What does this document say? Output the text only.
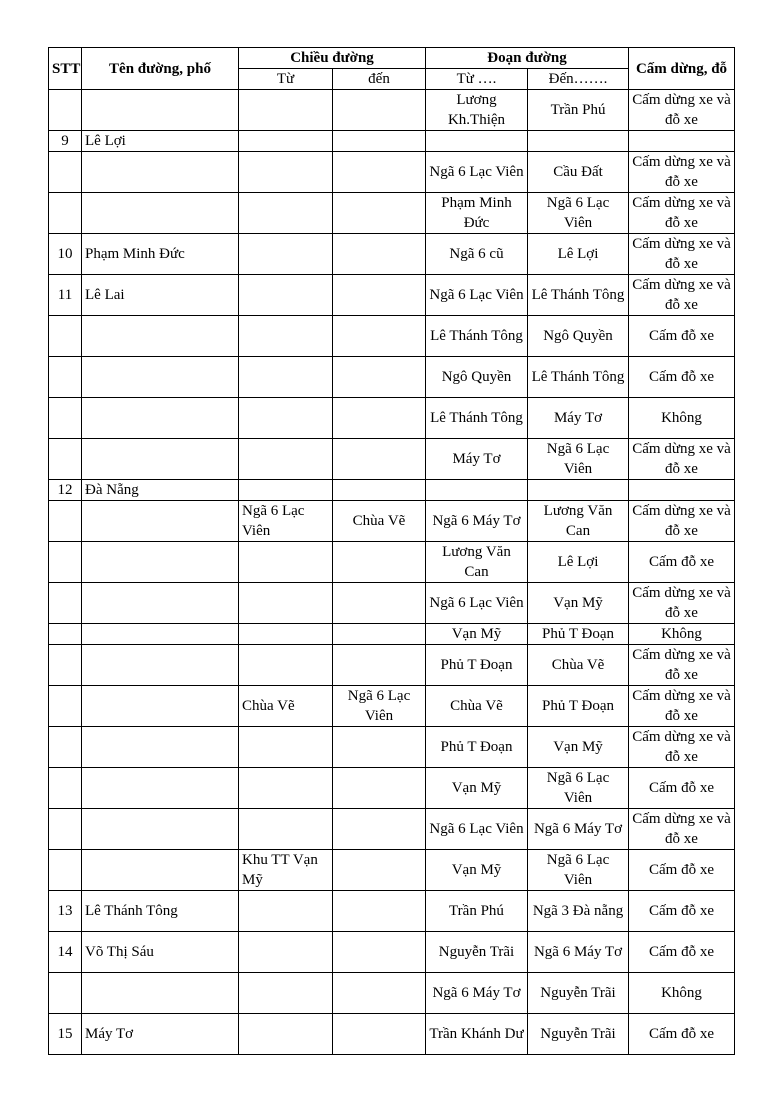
STT	Tên đường, phố	Chiều đường		Đoạn đường		Cấm dừng, đỗ
		Từ	đến	Từ ….	Đến…….	
				Lương Kh.Thiện	Trần Phú	Cấm dừng xe và đỗ xe
9	Lê Lợi					
				Ngã 6 Lạc Viên	Cầu Đất	Cấm dừng xe và đỗ xe
				Phạm Minh Đức	Ngã 6 Lạc Viên	Cấm dừng xe và đỗ xe
10	Phạm Minh Đức			Ngã 6 cũ	Lê Lợi	Cấm dừng xe và đỗ xe
11	Lê Lai			Ngã 6 Lạc Viên	Lê Thánh Tông	Cấm dừng xe và đỗ xe
				Lê Thánh Tông	Ngô Quyền	Cấm đỗ xe
				Ngô Quyền	Lê Thánh Tông	Cấm đỗ xe
				Lê Thánh Tông	Máy Tơ	Không
				Máy Tơ	Ngã 6 Lạc Viên	Cấm dừng xe và đỗ xe
12	Đà Nẵng					
		Ngã 6 Lạc Viên	Chùa Vẽ	Ngã 6 Máy Tơ	Lương Văn Can	Cấm dừng xe và đỗ xe
				Lương Văn Can	Lê Lợi	Cấm đỗ xe
				Ngã 6 Lạc Viên	Vạn Mỹ	Cấm dừng xe và đỗ xe
				Vạn Mỹ	Phủ T Đoạn	Không
				Phủ T Đoạn	Chùa Vẽ	Cấm dừng xe và đỗ xe
		Chùa Vẽ	Ngã 6 Lạc Viên	Chùa Vẽ	Phủ T Đoạn	Cấm dừng xe và đỗ xe
				Phủ T Đoạn	Vạn Mỹ	Cấm dừng xe và đỗ xe
				Vạn Mỹ	Ngã 6 Lạc Viên	Cấm đỗ xe
				Ngã 6 Lạc Viên	Ngã 6 Máy Tơ	Cấm dừng xe và đỗ xe
		Khu TT Vạn Mỹ		Vạn Mỹ	Ngã 6 Lạc Viên	Cấm đỗ xe
13	Lê Thánh Tông			Trần Phú	Ngã 3 Đà nẵng	Cấm đỗ xe
14	Võ Thị Sáu			Nguyễn Trãi	Ngã 6 Máy Tơ	Cấm đỗ xe
				Ngã 6 Máy Tơ	Nguyễn Trãi	Không
15	Máy Tơ			Trần Khánh Dư	Nguyễn Trãi	Cấm đỗ xe
